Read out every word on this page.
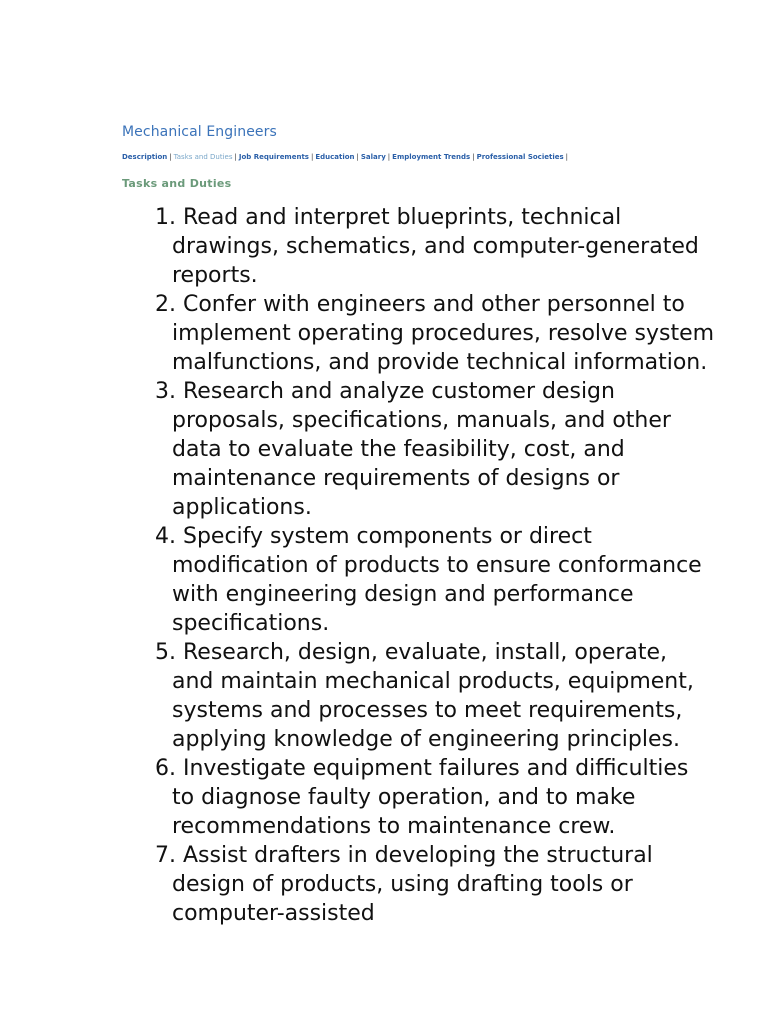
Mechanical Engineers
Description | Tasks and Duties | Job Requirements | Education | Salary | Employment Trends | Professional Societies |
Tasks and Duties
1. Read and interpret blueprints, technical drawings, schematics, and computer-generated reports.
2. Confer with engineers and other personnel to implement operating procedures, resolve system malfunctions, and provide technical information.
3. Research and analyze customer design proposals, specifications, manuals, and other data to evaluate the feasibility, cost, and maintenance requirements of designs or applications.
4. Specify system components or direct modification of products to ensure conformance with engineering design and performance specifications.
5. Research, design, evaluate, install, operate, and maintain mechanical products, equipment, systems and processes to meet requirements, applying knowledge of engineering principles.
6. Investigate equipment failures and difficulties to diagnose faulty operation, and to make recommendations to maintenance crew.
7. Assist drafters in developing the structural design of products, using drafting tools or computer-assisted
